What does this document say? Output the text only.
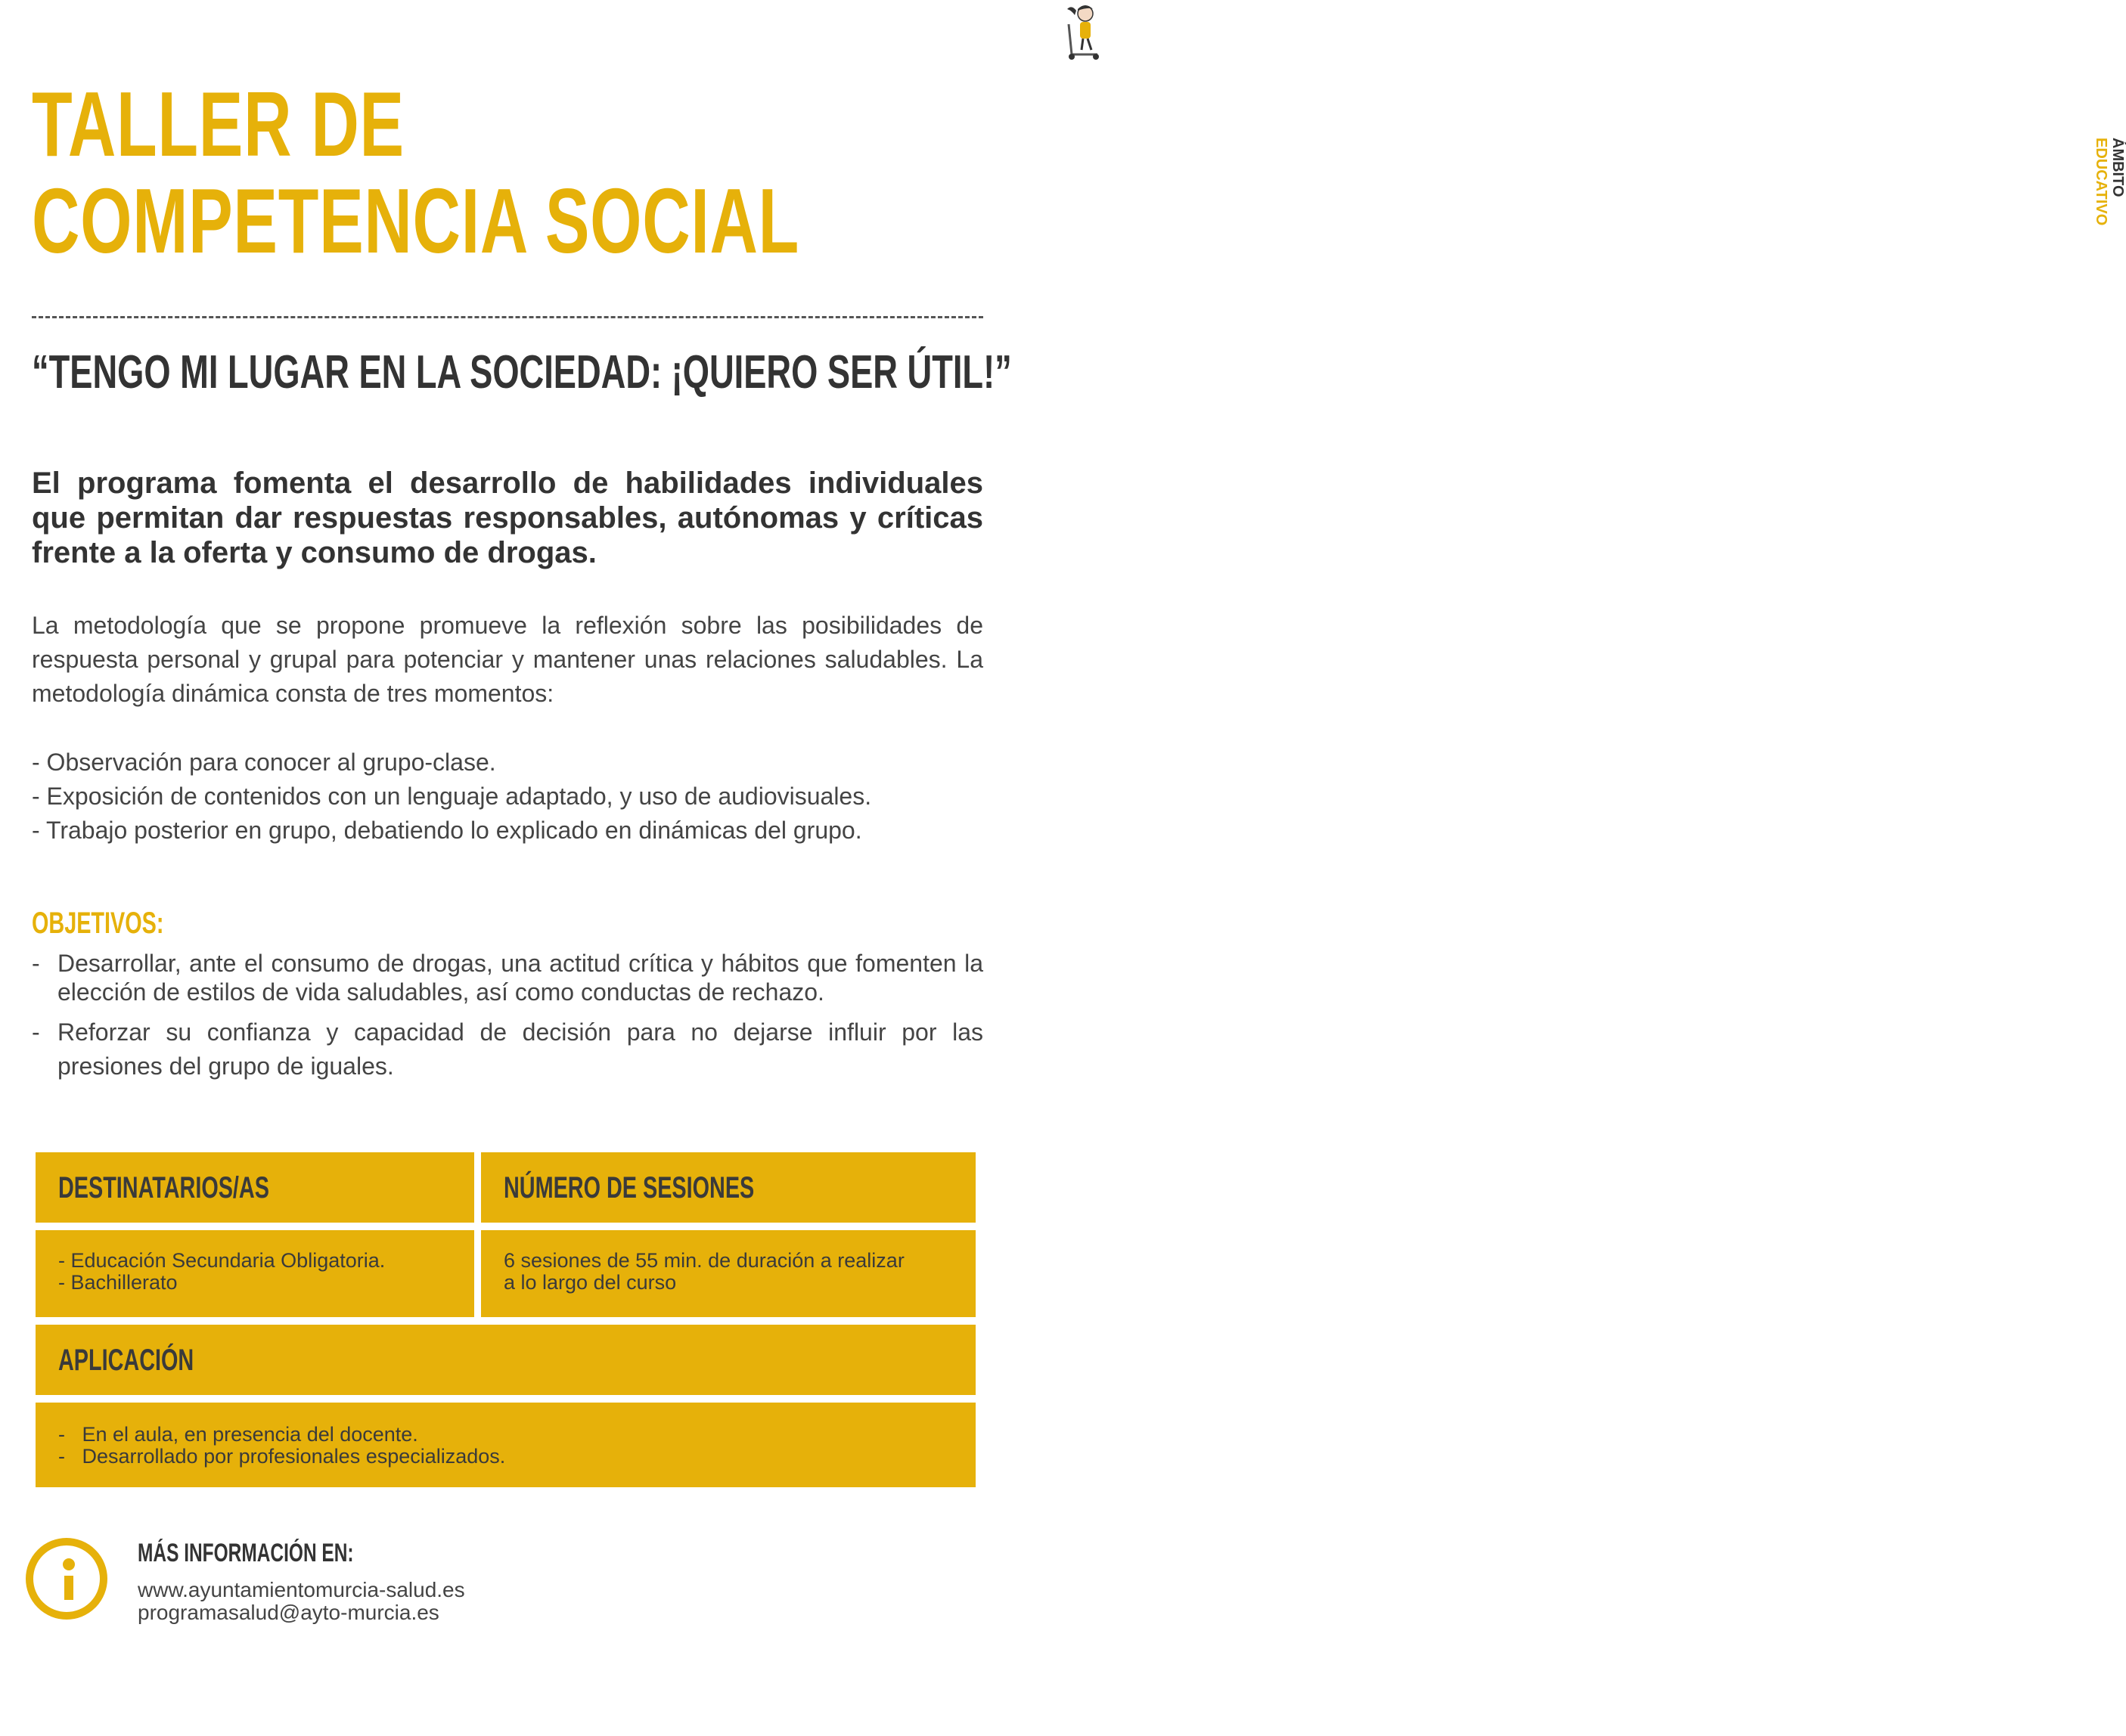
ÁMBITO
EDUCATIVO
TALLER DE
COMPETENCIA SOCIAL
“TENGO MI LUGAR EN LA SOCIEDAD: ¡QUIERO SER ÚTIL!”

El programa fomenta el desarrollo de habilidades individuales que permitan dar respuestas responsables, autónomas y críticas frente a la oferta y consumo de drogas.

La metodología que se propone promueve la reflexión sobre las posibilidades de respuesta personal y grupal para potenciar y mantener unas relaciones saludables. La metodología dinámica consta de tres momentos:

- Observación para conocer al grupo-clase.
- Exposición de contenidos con un lenguaje adaptado, y uso de audiovisuales.
- Trabajo posterior en grupo, debatiendo lo explicado en dinámicas del grupo.
OBJETIVOS:
- Desarrollar, ante el consumo de drogas, una actitud crítica y hábitos que fomenten la elección de estilos de vida saludables, así como conductas de rechazo.
- Reforzar su confianza y capacidad de decisión para no dejarse influir por las presiones del grupo de iguales.
DESTINATARIOS/AS	NÚMERO DE SESIONES
- Educación Secundaria Obligatoria.
- Bachillerato
6 sesiones de 55 min. de duración a realizar
a lo largo del curso
APLICACIÓN
-   En el aula, en presencia del docente.
-   Desarrollado por profesionales especializados.
MÁS INFORMACIÓN EN:
www.ayuntamientomurcia-salud.es
programasalud@ayto-murcia.es
